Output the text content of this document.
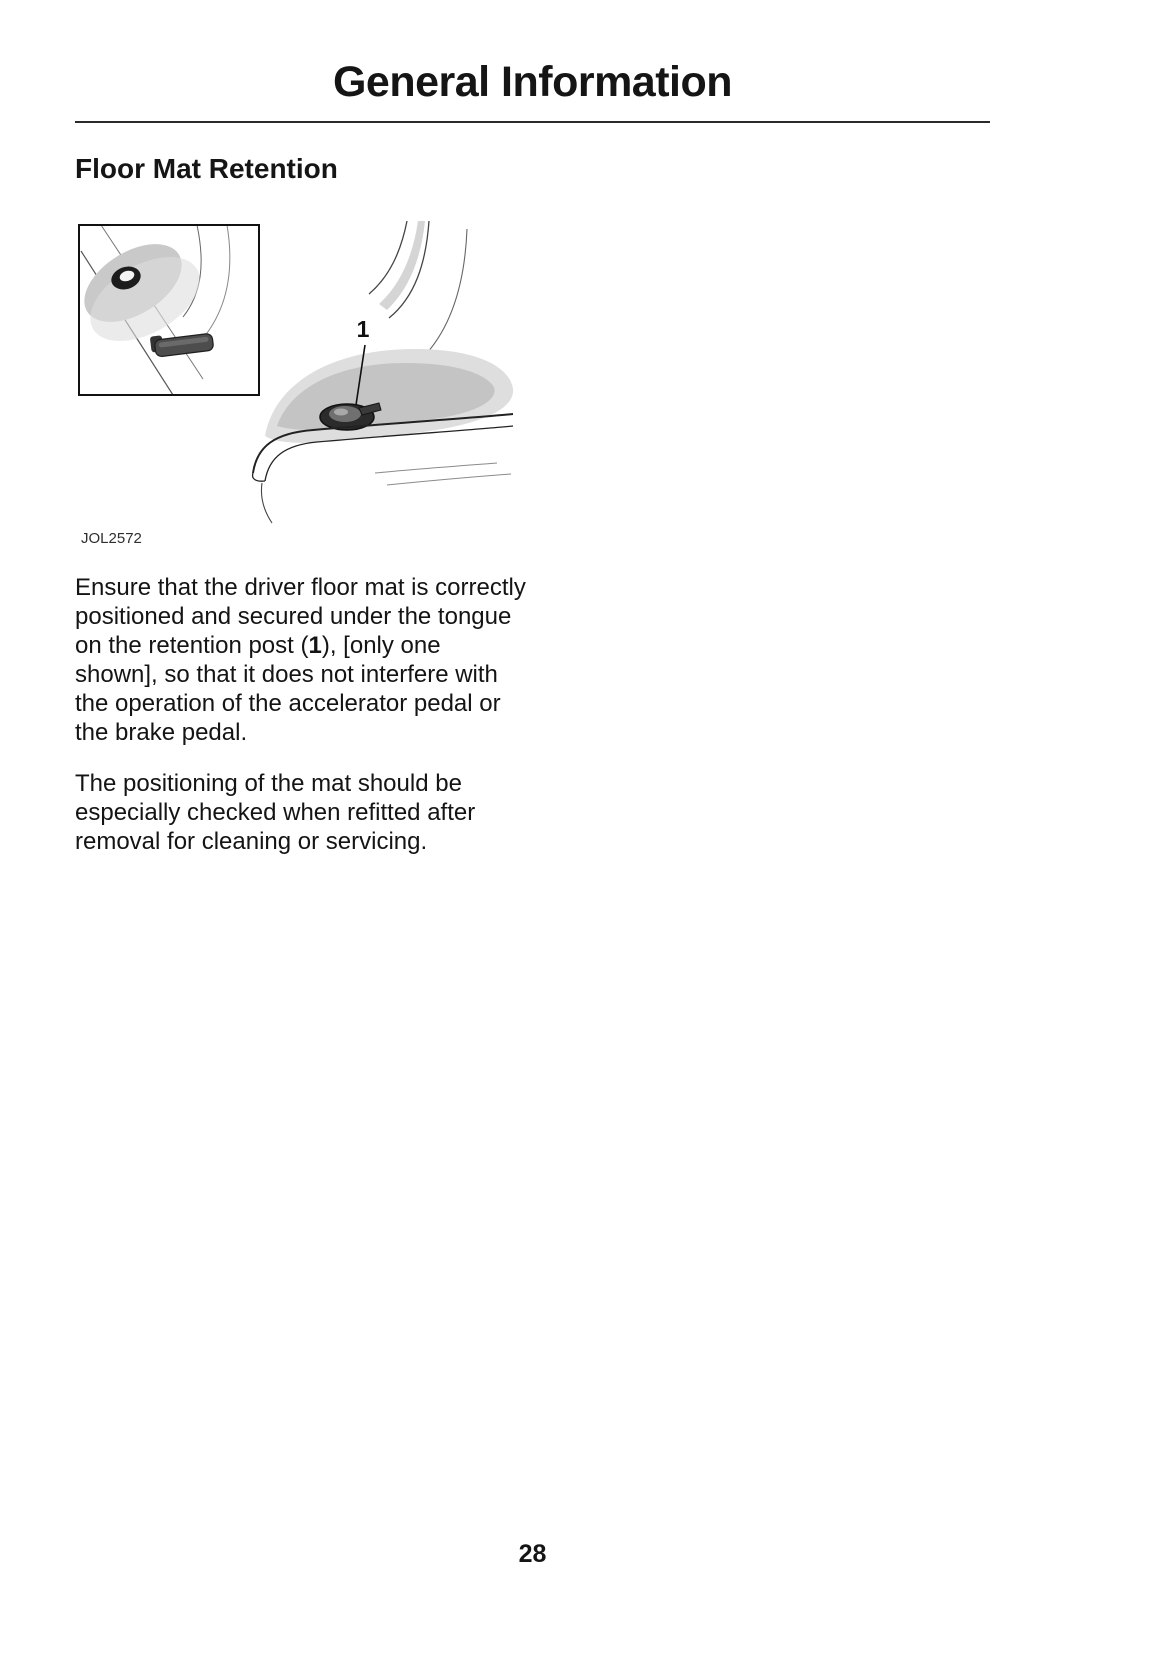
General Information
Floor Mat Retention
1
JOL2572

Ensure that the driver floor mat is correctly positioned and secured under the tongue on the retention post (1), [only one shown], so that it does not interfere with the operation of the accelerator pedal or the brake pedal.

The positioning of the mat should be especially checked when refitted after removal for cleaning or servicing.

28
